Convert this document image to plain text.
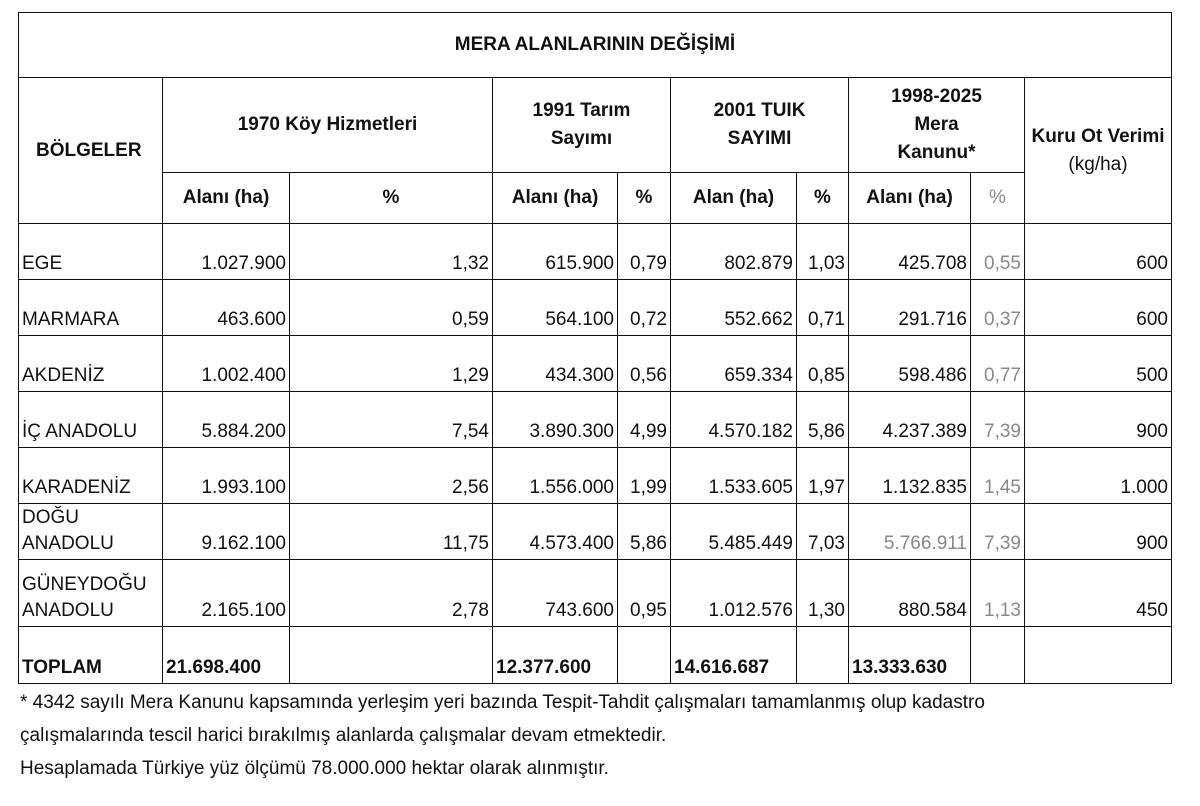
MERA ALANLARININ DEĞİŞİMİ									
BÖLGELER	1970 Köy Hizmetleri		1991 Tarım Sayımı		2001 TUIK SAYIMI		1998-2025 Mera Kanunu*		Kuru Ot Verimi (kg/ha)
	Alanı (ha)	%	Alanı (ha)	%	Alan (ha)	%	Alanı (ha)	%	
EGE	1.027.900	1,32	615.900	0,79	802.879	1,03	425.708	0,55	600
MARMARA	463.600	0,59	564.100	0,72	552.662	0,71	291.716	0,37	600
AKDENİZ	1.002.400	1,29	434.300	0,56	659.334	0,85	598.486	0,77	500
İÇ ANADOLU	5.884.200	7,54	3.890.300	4,99	4.570.182	5,86	4.237.389	7,39	900
KARADENİZ	1.993.100	2,56	1.556.000	1,99	1.533.605	1,97	1.132.835	1,45	1.000
DOĞU ANADOLU	9.162.100	11,75	4.573.400	5,86	5.485.449	7,03	5.766.911	7,39	900
GÜNEYDOĞU ANADOLU	2.165.100	2,78	743.600	0,95	1.012.576	1,30	880.584	1,13	450
TOPLAM	21.698.400		12.377.600		14.616.687		13.333.630		
* 4342 sayılı Mera Kanunu kapsamında yerleşim yeri bazında Tespit-Tahdit çalışmaları tamamlanmış olup kadastro
çalışmalarında tescil harici bırakılmış alanlarda çalışmalar devam etmektedir.
Hesaplamada Türkiye yüz ölçümü 78.000.000 hektar olarak alınmıştır.
